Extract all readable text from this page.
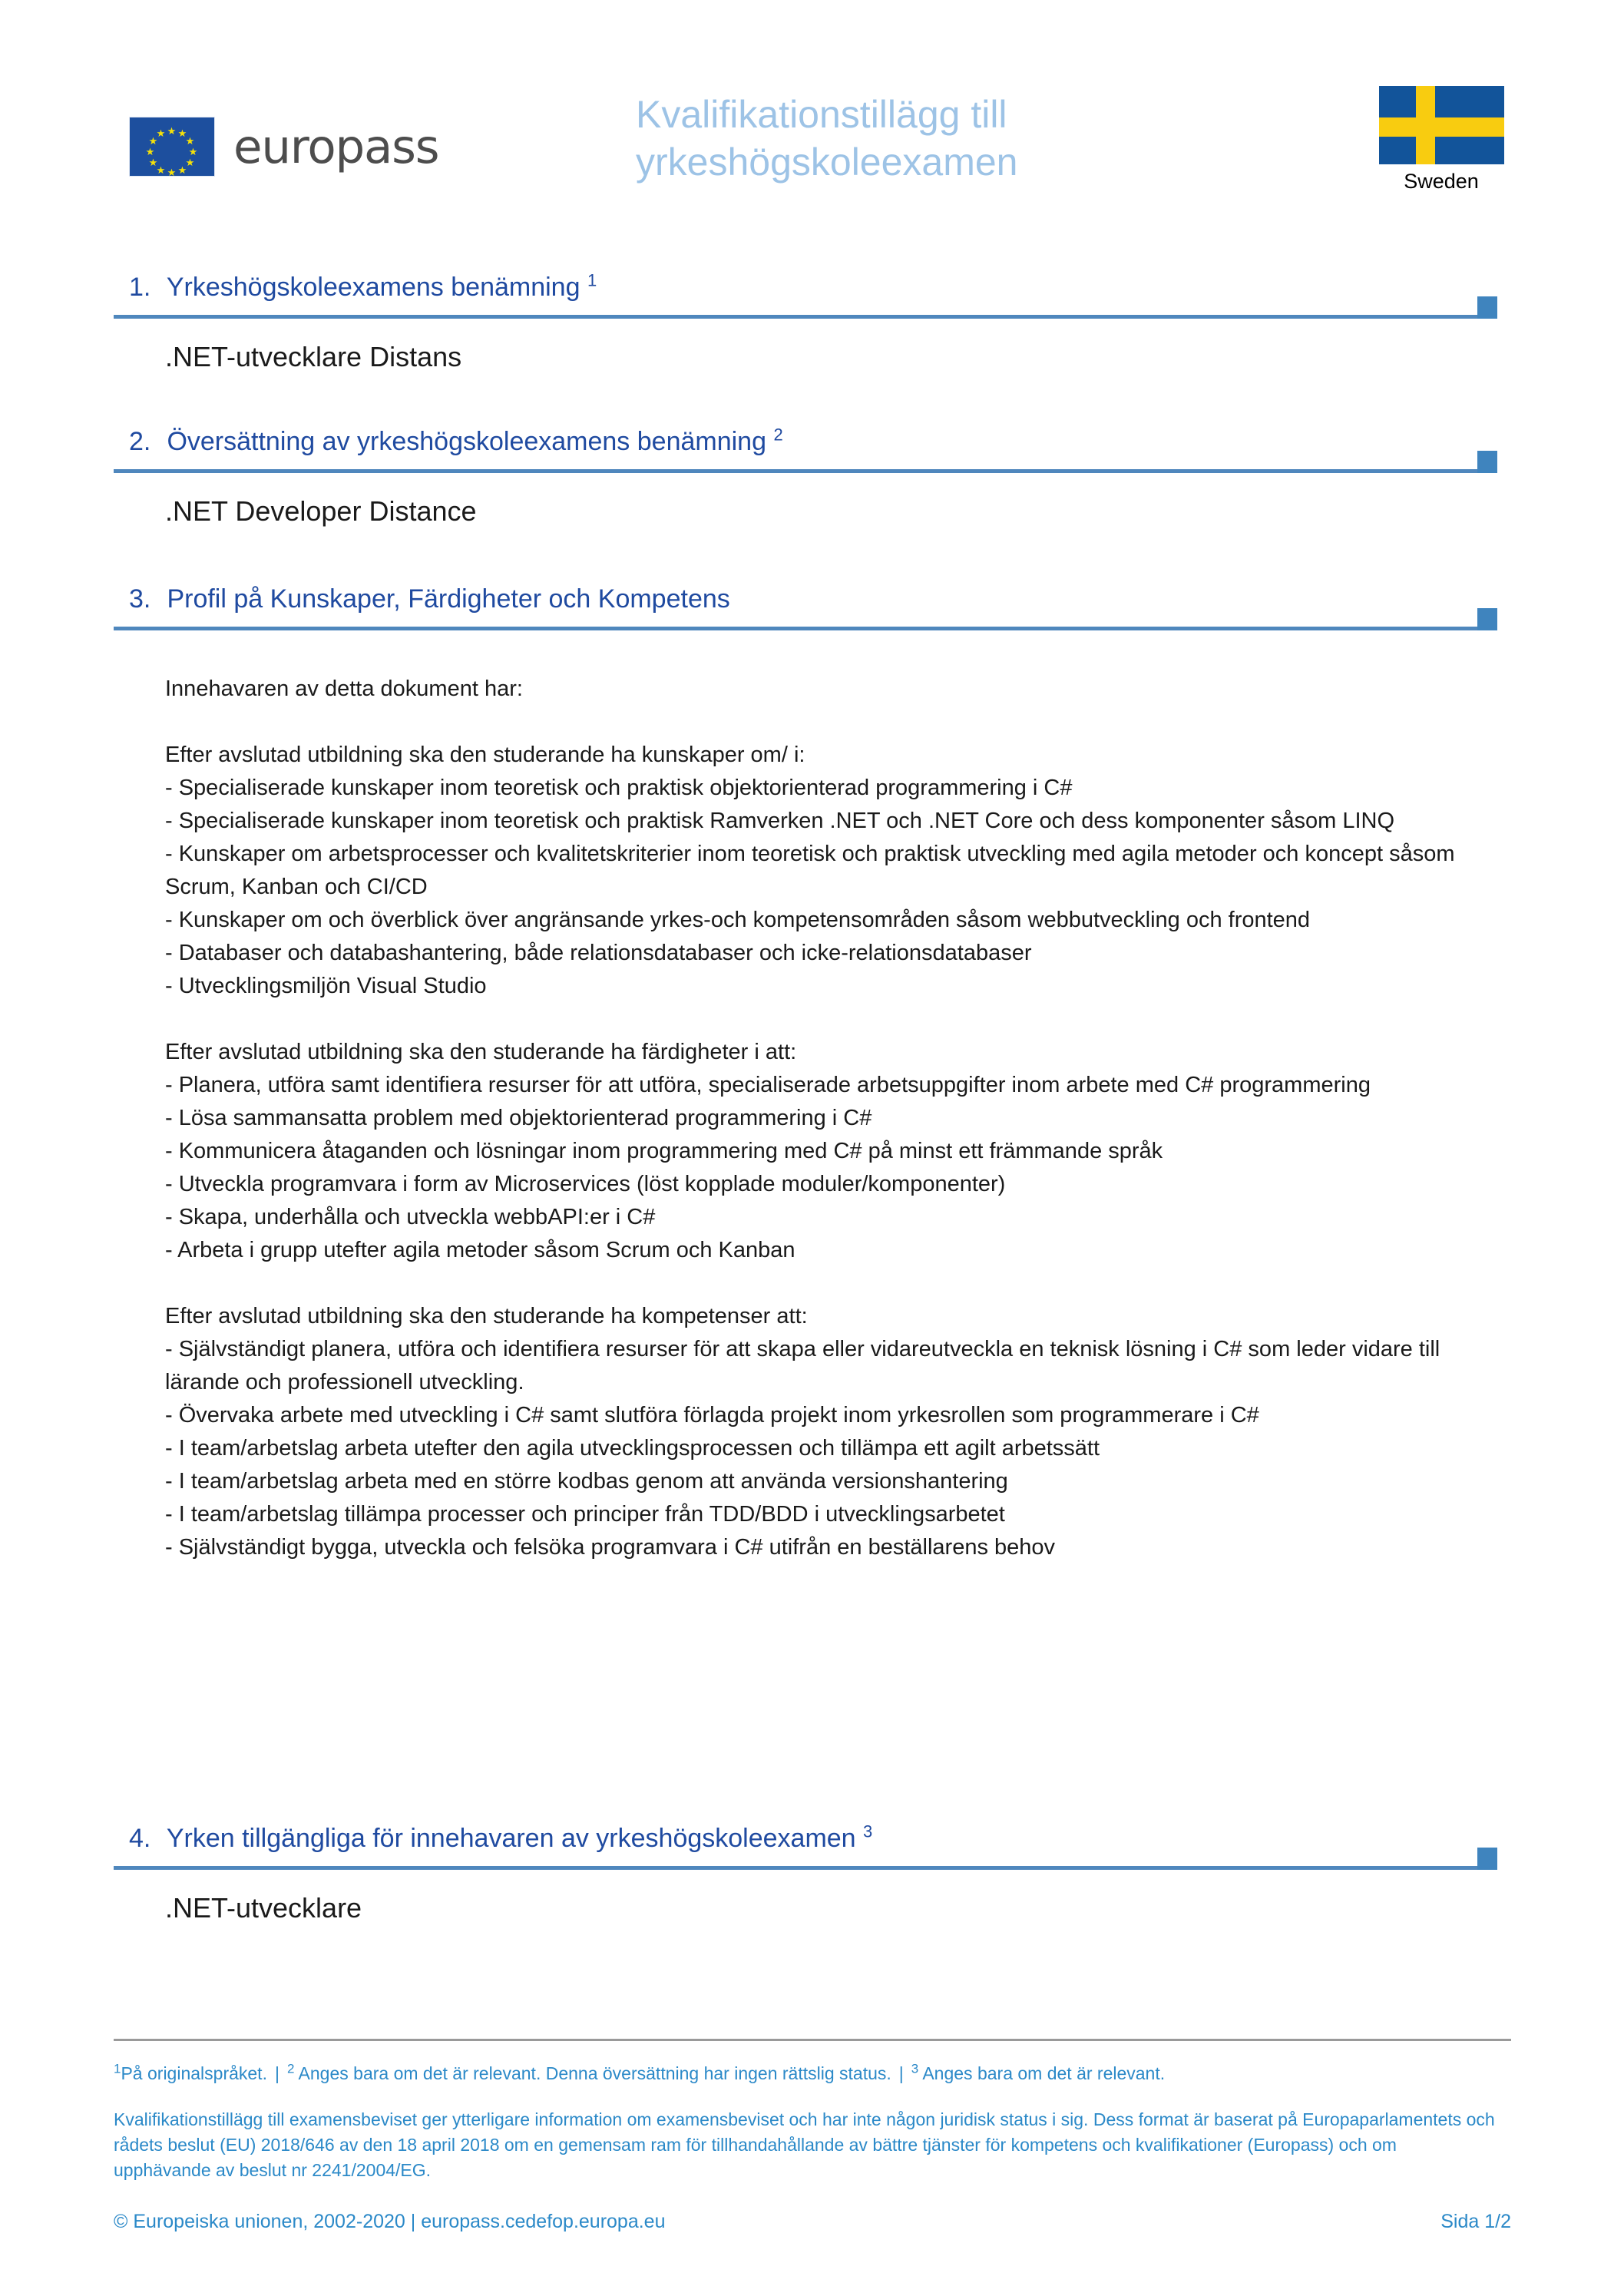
★ ★
★
★
★
★
★
★
★
★
★
★ europass
Kvalifikationstillägg till
yrkeshögskoleexamen	Sweden
1. Yrkeshögskoleexamens benämning $^1$
.NET-utvecklare Distans
2. Översättning av yrkeshögskoleexamens benämning $^2$
.NET Developer Distance
3. Profil på Kunskaper, Färdigheter och Kompetens

Innehavaren av detta dokument har:

Efter avslutad utbildning ska den studerande ha kunskaper om/ i:

- Specialiserade kunskaper inom teoretisk och praktisk objektorienterad programmering i C#

- Specialiserade kunskaper inom teoretisk och praktisk Ramverken .NET och .NET Core och dess komponenter såsom LINQ

- Kunskaper om arbetsprocesser och kvalitetskriterier inom teoretisk och praktisk utveckling med agila metoder och koncept såsom Scrum, Kanban och CI/CD

- Kunskaper om och överblick över angränsande yrkes-och kompetensområden såsom webbutveckling och frontend

- Databaser och databashantering, både relationsdatabaser och icke-relationsdatabaser

- Utvecklingsmiljön Visual Studio

Efter avslutad utbildning ska den studerande ha färdigheter i att:

- Planera, utföra samt identifiera resurser för att utföra, specialiserade arbetsuppgifter inom arbete med C# programmering

- Lösa sammansatta problem med objektorienterad programmering i C#

- Kommunicera åtaganden och lösningar inom programmering med C# på minst ett främmande språk

- Utveckla programvara i form av Microservices (löst kopplade moduler/komponenter)

- Skapa, underhålla och utveckla webbAPI:er i C#

- Arbeta i grupp utefter agila metoder såsom Scrum och Kanban

Efter avslutad utbildning ska den studerande ha kompetenser att:

- Självständigt planera, utföra och identifiera resurser för att skapa eller vidareutveckla en teknisk lösning i C# som leder vidare till lärande och professionell utveckling.

- Övervaka arbete med utveckling i C# samt slutföra förlagda projekt inom yrkesrollen som programmerare i C#

- I team/arbetslag arbeta utefter den agila utvecklingsprocessen och tillämpa ett agilt arbetssätt

- I team/arbetslag arbeta med en större kodbas genom att använda versionshantering

- I team/arbetslag tillämpa processer och principer från TDD/BDD i utvecklingsarbetet

- Självständigt bygga, utveckla och felsöka programvara i C# utifrån en beställarens behov

4. Yrken tillgängliga för innehavaren av yrkeshögskoleexamen $^3$
.NET-utvecklare
$^1$På originalspråket. | $^2$ Anges bara om det är relevant. Denna översättning har ingen rättslig status. | $^3$ Anges bara om det är relevant.
Kvalifikationstillägg till examensbeviset ger ytterligare information om examensbeviset och har inte någon juridisk status i sig. Dess format är baserat på Europaparlamentets och rådets beslut (EU) 2018/646 av den 18 april 2018 om en gemensam ram för tillhandahållande av bättre tjänster för kompetens och kvalifikationer (Europass) och om upphävande av beslut nr 2241/2004/EG.
© Europeiska unionen, 2002-2020 | europass.cedefop.europa.eu	Sida 1/2
